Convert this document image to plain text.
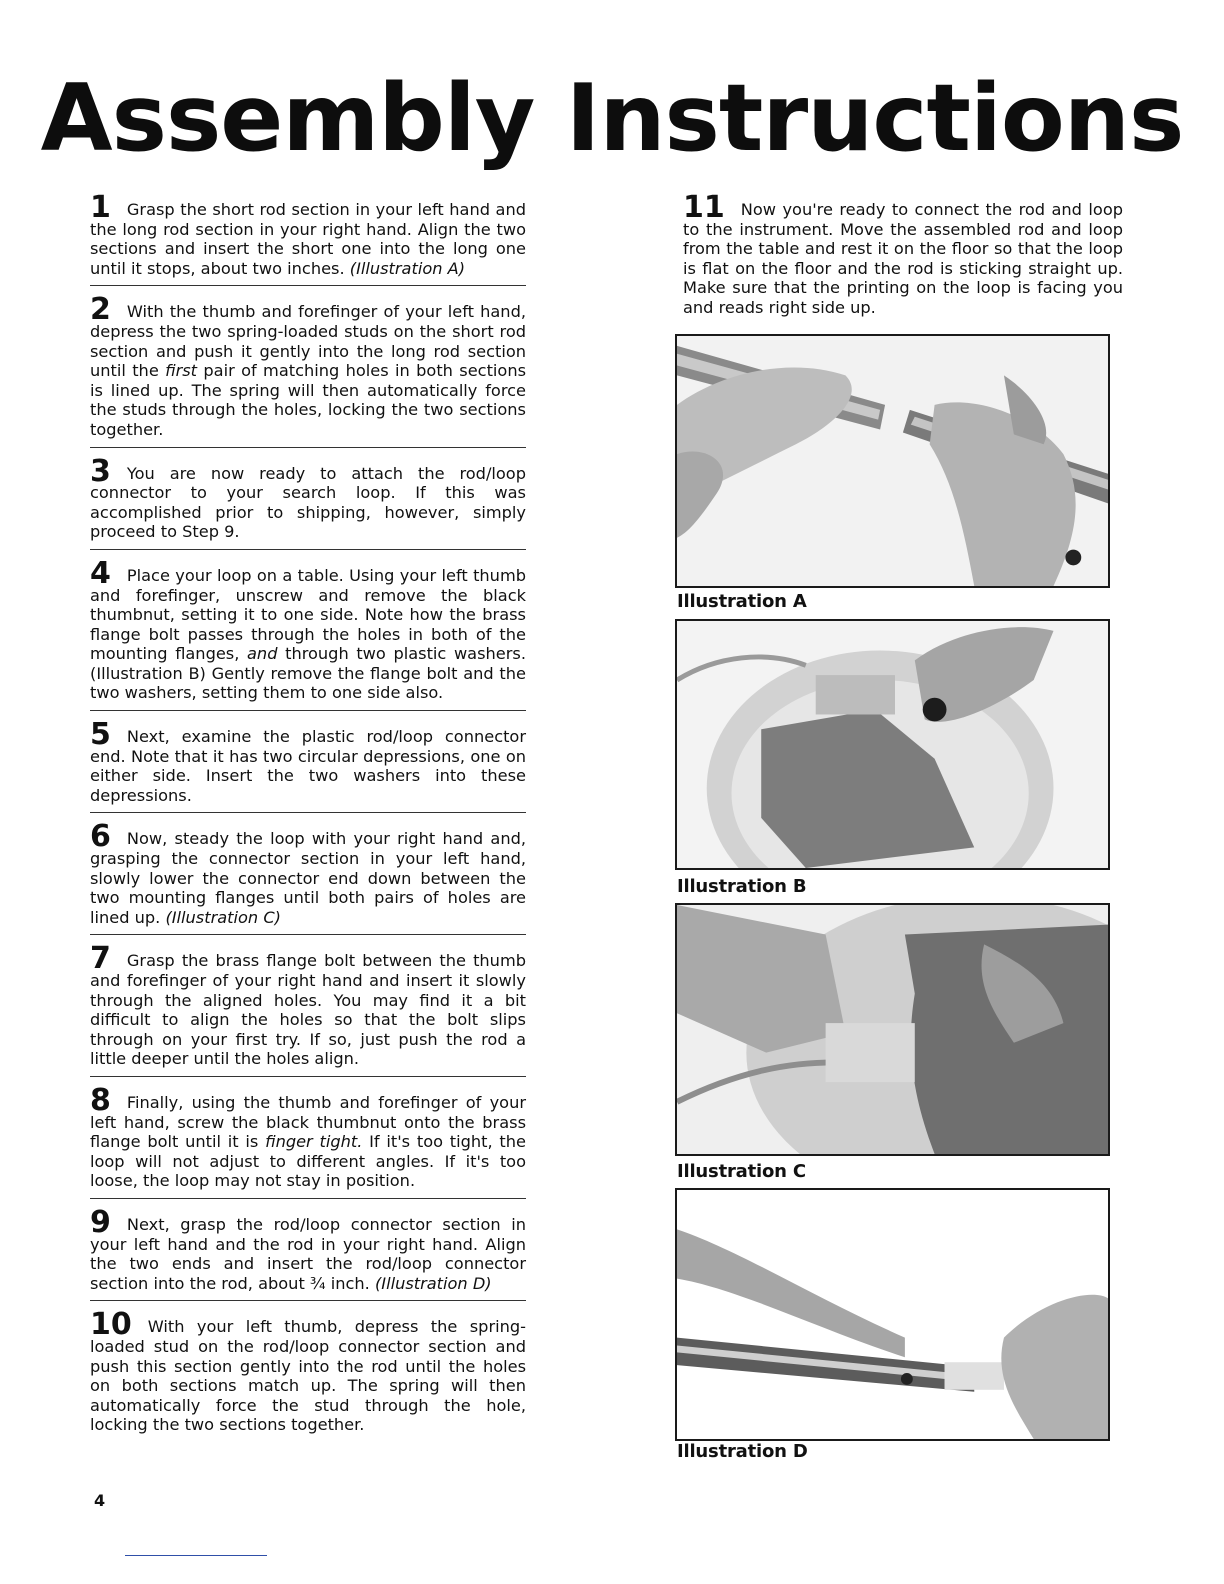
Assembly Instructions
1 Grasp the short rod section in your left hand and the long rod section in your right hand. Align the two sections and insert the short one into the long one until it stops, about two inches. (Illustration A)
2 With the thumb and forefinger of your left hand, depress the two spring-loaded studs on the short rod section and push it gently into the long rod section until the first pair of matching holes in both sections is lined up. The spring will then automatically force the studs through the holes, locking the two sections together.
3 You are now ready to attach the rod/loop connector to your search loop. If this was accomplished prior to shipping, however, simply proceed to Step 9.
4 Place your loop on a table. Using your left thumb and forefinger, unscrew and remove the black thumbnut, setting it to one side. Note how the brass flange bolt passes through the holes in both of the mounting flanges, and through two plastic washers. (Illustration B) Gently remove the flange bolt and the two washers, setting them to one side also.
5 Next, examine the plastic rod/loop connector end. Note that it has two circular depressions, one on either side. Insert the two washers into these depressions.
6 Now, steady the loop with your right hand and, grasping the connector section in your left hand, slowly lower the connector end down between the two mounting flanges until both pairs of holes are lined up. (Illustration C)
7 Grasp the brass flange bolt between the thumb and forefinger of your right hand and insert it slowly through the aligned holes. You may find it a bit difficult to align the holes so that the bolt slips through on your first try. If so, just push the rod a little deeper until the holes align.
8 Finally, using the thumb and forefinger of your left hand, screw the black thumbnut onto the brass flange bolt until it is finger tight. If it's too tight, the loop will not adjust to different angles. If it's too loose, the loop may not stay in position.
9 Next, grasp the rod/loop connector section in your left hand and the rod in your right hand. Align the two ends and insert the rod/loop connector section into the rod, about ¾ inch. (Illustration D)
10 With your left thumb, depress the spring-loaded stud on the rod/loop connector section and push this section gently into the rod until the holes on both sections match up. The spring will then automatically force the stud through the hole, locking the two sections together.
11 Now you're ready to connect the rod and loop to the instrument. Move the assembled rod and loop from the table and rest it on the floor so that the loop is flat on the floor and the rod is sticking straight up. Make sure that the printing on the loop is facing you and reads right side up.
Illustration A
Illustration B
Illustration C
Illustration D
4
